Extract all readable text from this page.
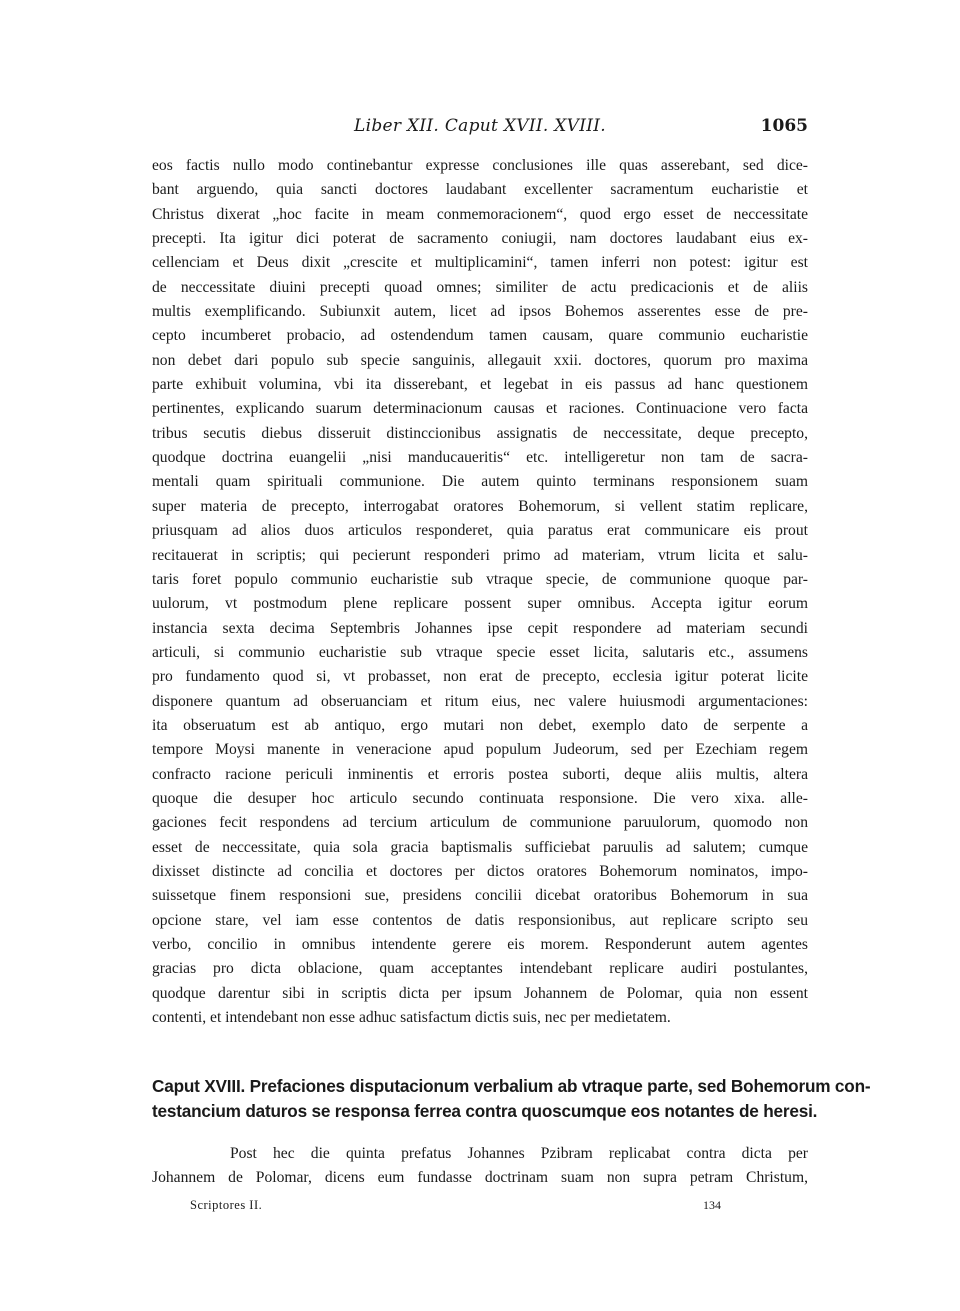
Liber XII. Caput XVII. XVIII.	1065
eos factis nullo modo continebantur expresse conclusiones ille quas asserebant, sed dice-
bant arguendo, quia sancti doctores laudabant excellenter sacramentum eucharistie et
Christus dixerat „hoc facite in meam conmemoracionem“, quod ergo esset de neccessitate
precepti. Ita igitur dici poterat de sacramento coniugii, nam doctores laudabant eius ex-
cellenciam et Deus dixit „crescite et multiplicamini“, tamen inferri non potest: igitur est
de neccessitate diuini precepti quoad omnes; similiter de actu predicacionis et de aliis
multis exemplificando. Subiunxit autem, licet ad ipsos Bohemos asserentes esse de pre-
cepto incumberet probacio, ad ostendendum tamen causam, quare communio eucharistie
non debet dari populo sub specie sanguinis, allegauit xxii. doctores, quorum pro maxima
parte exhibuit volumina, vbi ita disserebant, et legebat in eis passus ad hanc questionem
pertinentes, explicando suarum determinacionum causas et raciones. Continuacione vero facta
tribus secutis diebus disseruit distinccionibus assignatis de neccessitate, deque precepto,
quodque doctrina euangelii „nisi manducaueritis“ etc. intelligeretur non tam de sacra-
mentali quam spirituali communione. Die autem quinto terminans responsionem suam
super materia de precepto, interrogabat oratores Bohemorum, si vellent statim replicare,
priusquam ad alios duos articulos responderet, quia paratus erat communicare eis prout
recitauerat in scriptis; qui pecierunt responderi primo ad materiam, vtrum licita et salu-
taris foret populo communio eucharistie sub vtraque specie, de communione quoque par-
uulorum, vt postmodum plene replicare possent super omnibus. Accepta igitur eorum
instancia sexta decima Septembris Johannes ipse cepit respondere ad materiam secundi
articuli, si communio eucharistie sub vtraque specie esset licita, salutaris etc., assumens
pro fundamento quod si, vt probasset, non erat de precepto, ecclesia igitur poterat licite
disponere quantum ad obseruanciam et ritum eius, nec valere huiusmodi argumentaciones:
ita obseruatum est ab antiquo, ergo mutari non debet, exemplo dato de serpente a
tempore Moysi manente in veneracione apud populum Judeorum, sed per Ezechiam regem
confracto racione periculi inminentis et erroris postea suborti, deque aliis multis, altera
quoque die desuper hoc articulo secundo continuata responsione. Die vero xixa. alle-
gaciones fecit respondens ad tercium articulum de communione paruulorum, quomodo non
esset de neccessitate, quia sola gracia baptismalis sufficiebat paruulis ad salutem; cumque
dixisset distincte ad concilia et doctores per dictos oratores Bohemorum nominatos, impo-
suissetque finem responsioni sue, presidens concilii dicebat oratoribus Bohemorum in sua
opcione stare, vel iam esse contentos de datis responsionibus, aut replicare scripto seu
verbo, concilio in omnibus intendente gerere eis morem. Responderunt autem agentes
gracias pro dicta oblacione, quam acceptantes intendebant replicare audiri postulantes,
quodque darentur sibi in scriptis dicta per ipsum Johannem de Polomar, quia non essent
contenti, et intendebant non esse adhuc satisfactum dictis suis, nec per medietatem.
Caput XVIII. Prefaciones disputacionum verbalium ab vtraque parte, sed Bohemorum con-
testancium daturos se responsa ferrea contra quoscumque eos notantes de heresi.
Post hec die quinta prefatus Johannes Pzibram replicabat contra dicta per
Johannem de Polomar, dicens eum fundasse doctrinam suam non supra petram Christum,
Scriptores II.	134
